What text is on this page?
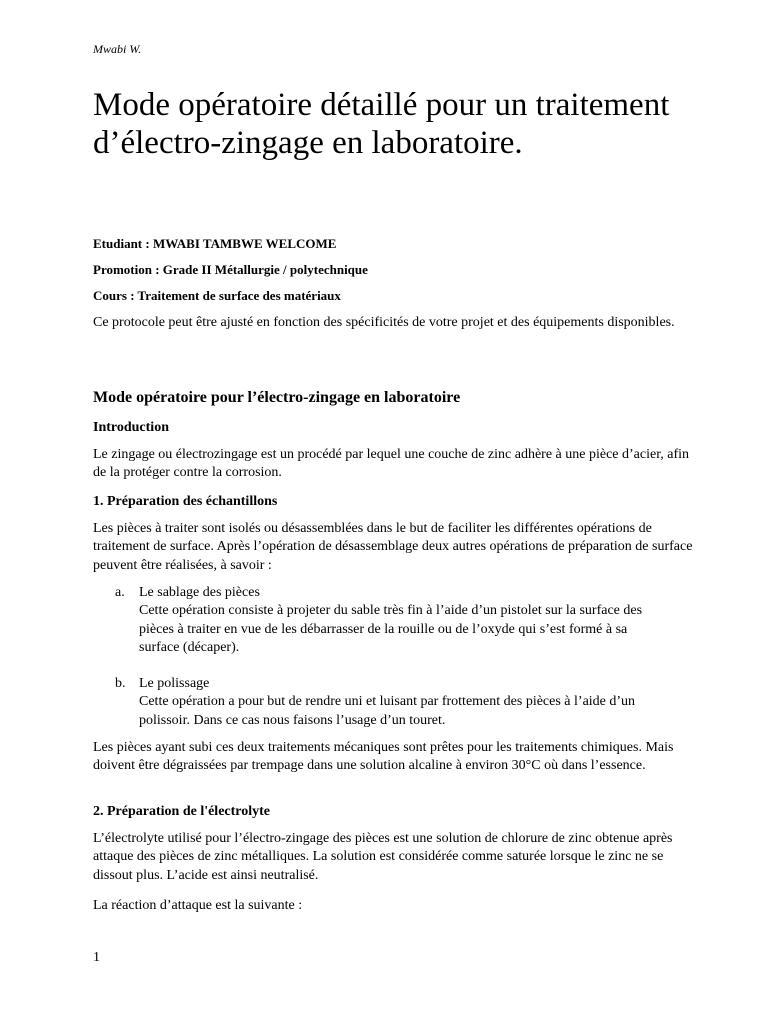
Mwabi W.

Mode opératoire détaillé pour un traitement d’électro-zingage en laboratoire.

Etudiant : MWABI TAMBWE WELCOME

Promotion : Grade II Métallurgie / polytechnique

Cours : Traitement de surface des matériaux

Ce protocole peut être ajusté en fonction des spécificités de votre projet et des équipements disponibles.

Mode opératoire pour l’électro-zingage en laboratoire
Introduction

Le zingage ou électrozingage est un procédé par lequel une couche de zinc adhère à une pièce d’acier, afin de la protéger contre la corrosion.

1. Préparation des échantillons

Les pièces à traiter sont isolés ou désassemblées dans le but de faciliter les différentes opérations de traitement de surface. Après l’opération de désassemblage deux autres opérations de préparation de surface peuvent être réalisées, à savoir :

a. Le sablage des pièces
Cette opération consiste à projeter du sable très fin à l’aide d’un pistolet sur la surface des pièces à traiter en vue de les débarrasser de la rouille ou de l’oxyde qui s’est formé à sa surface (décaper).
b. Le polissage
Cette opération a pour but de rendre uni et luisant par frottement des pièces à l’aide d’un polissoir. Dans ce cas nous faisons l’usage d’un touret.

Les pièces ayant subi ces deux traitements mécaniques sont prêtes pour les traitements chimiques. Mais doivent être dégraissées par trempage dans une solution alcaline à environ 30°C où dans l’essence.

2. Préparation de l'électrolyte

L’électrolyte utilisé pour l’électro-zingage des pièces est une solution de chlorure de zinc obtenue après attaque des pièces de zinc métalliques. La solution est considérée comme saturée lorsque le zinc ne se dissout plus. L’acide est ainsi neutralisé.

La réaction d’attaque est la suivante :

1
